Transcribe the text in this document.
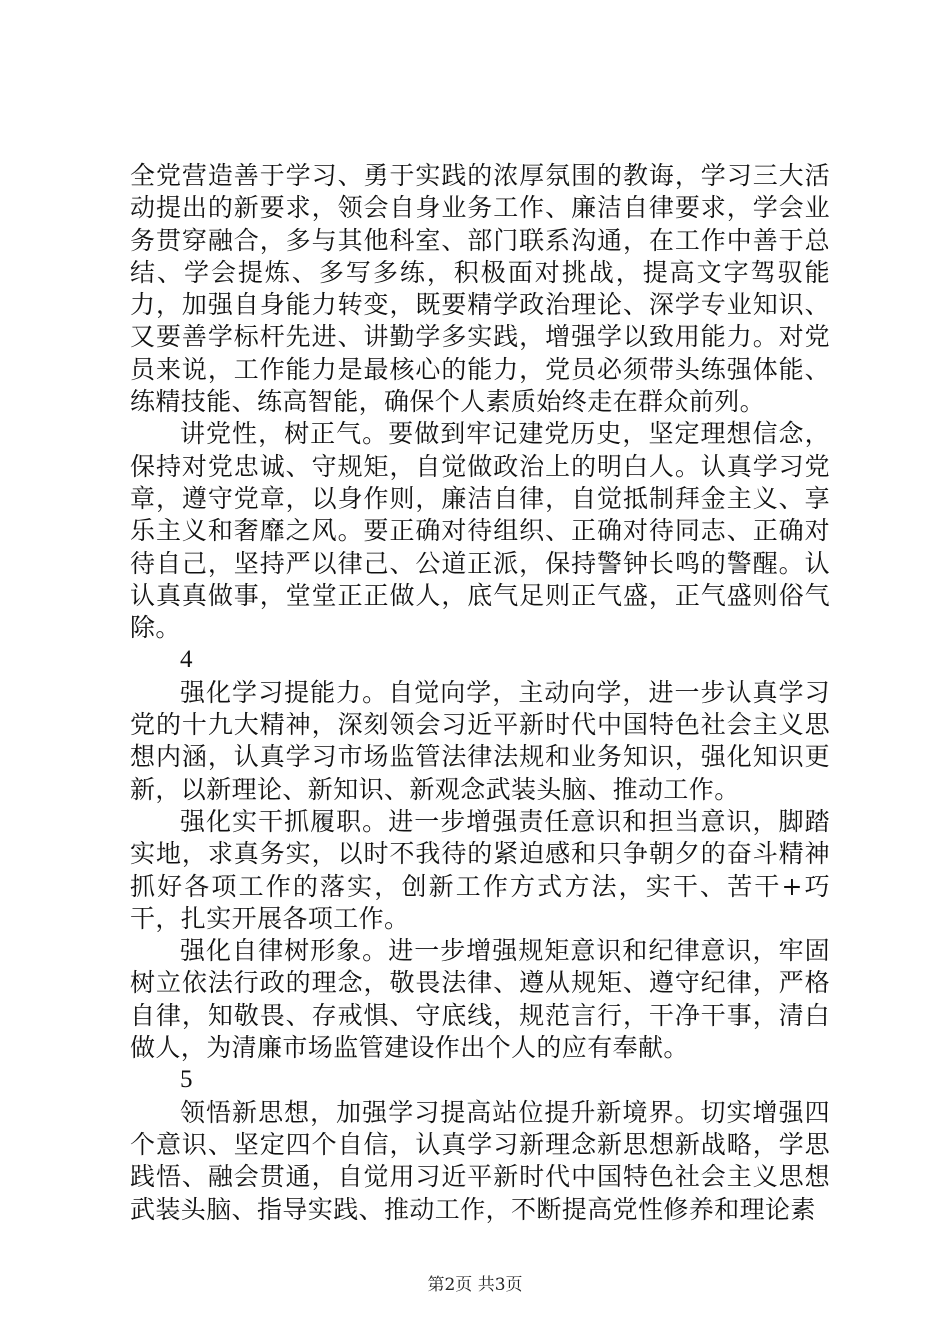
全党营造善于学习、勇于实践的浓厚氛围的教诲，学习三大活动提出的新要求，领会自身业务工作、廉洁自律要求，学会业务贯穿融合，多与其他科室、部门联系沟通，在工作中善于总结、学会提炼、多写多练，积极面对挑战，提高文字驾驭能力，加强自身能力转变，既要精学政治理论、深学专业知识、又要善学标杆先进、讲勤学多实践，增强学以致用能力。对党员来说，工作能力是最核心的能力，党员必须带头练强体能、练精技能、练高智能，确保个人素质始终走在群众前列。

讲党性，树正气。要做到牢记建党历史，坚定理想信念，保持对党忠诚、守规矩，自觉做政治上的明白人。认真学习党章，遵守党章，以身作则，廉洁自律，自觉抵制拜金主义、享乐主义和奢靡之风。要正确对待组织、正确对待同志、正确对待自己，坚持严以律己、公道正派，保持警钟长鸣的警醒。认认真真做事，堂堂正正做人，底气足则正气盛，正气盛则俗气除。

4

强化学习提能力。自觉向学，主动向学，进一步认真学习党的十九大精神，深刻领会习近平新时代中国特色社会主义思想内涵，认真学习市场监管法律法规和业务知识，强化知识更新，以新理论、新知识、新观念武装头脑、推动工作。

强化实干抓履职。进一步增强责任意识和担当意识，脚踏实地，求真务实，以时不我待的紧迫感和只争朝夕的奋斗精神抓好各项工作的落实，创新工作方式方法，实干、苦干+巧干，扎实开展各项工作。

强化自律树形象。进一步增强规矩意识和纪律意识，牢固树立依法行政的理念，敬畏法律、遵从规矩、遵守纪律，严格自律，知敬畏、存戒惧、守底线，规范言行，干净干事，清白做人，为清廉市场监管建设作出个人的应有奉献。

5

领悟新思想，加强学习提高站位提升新境界。切实增强四个意识、坚定四个自信，认真学习新理念新思想新战略，学思践悟、融会贯通，自觉用习近平新时代中国特色社会主义思想武装头脑、指导实践、推动工作，不断提高党性修养和理论素

第2页 共3页
